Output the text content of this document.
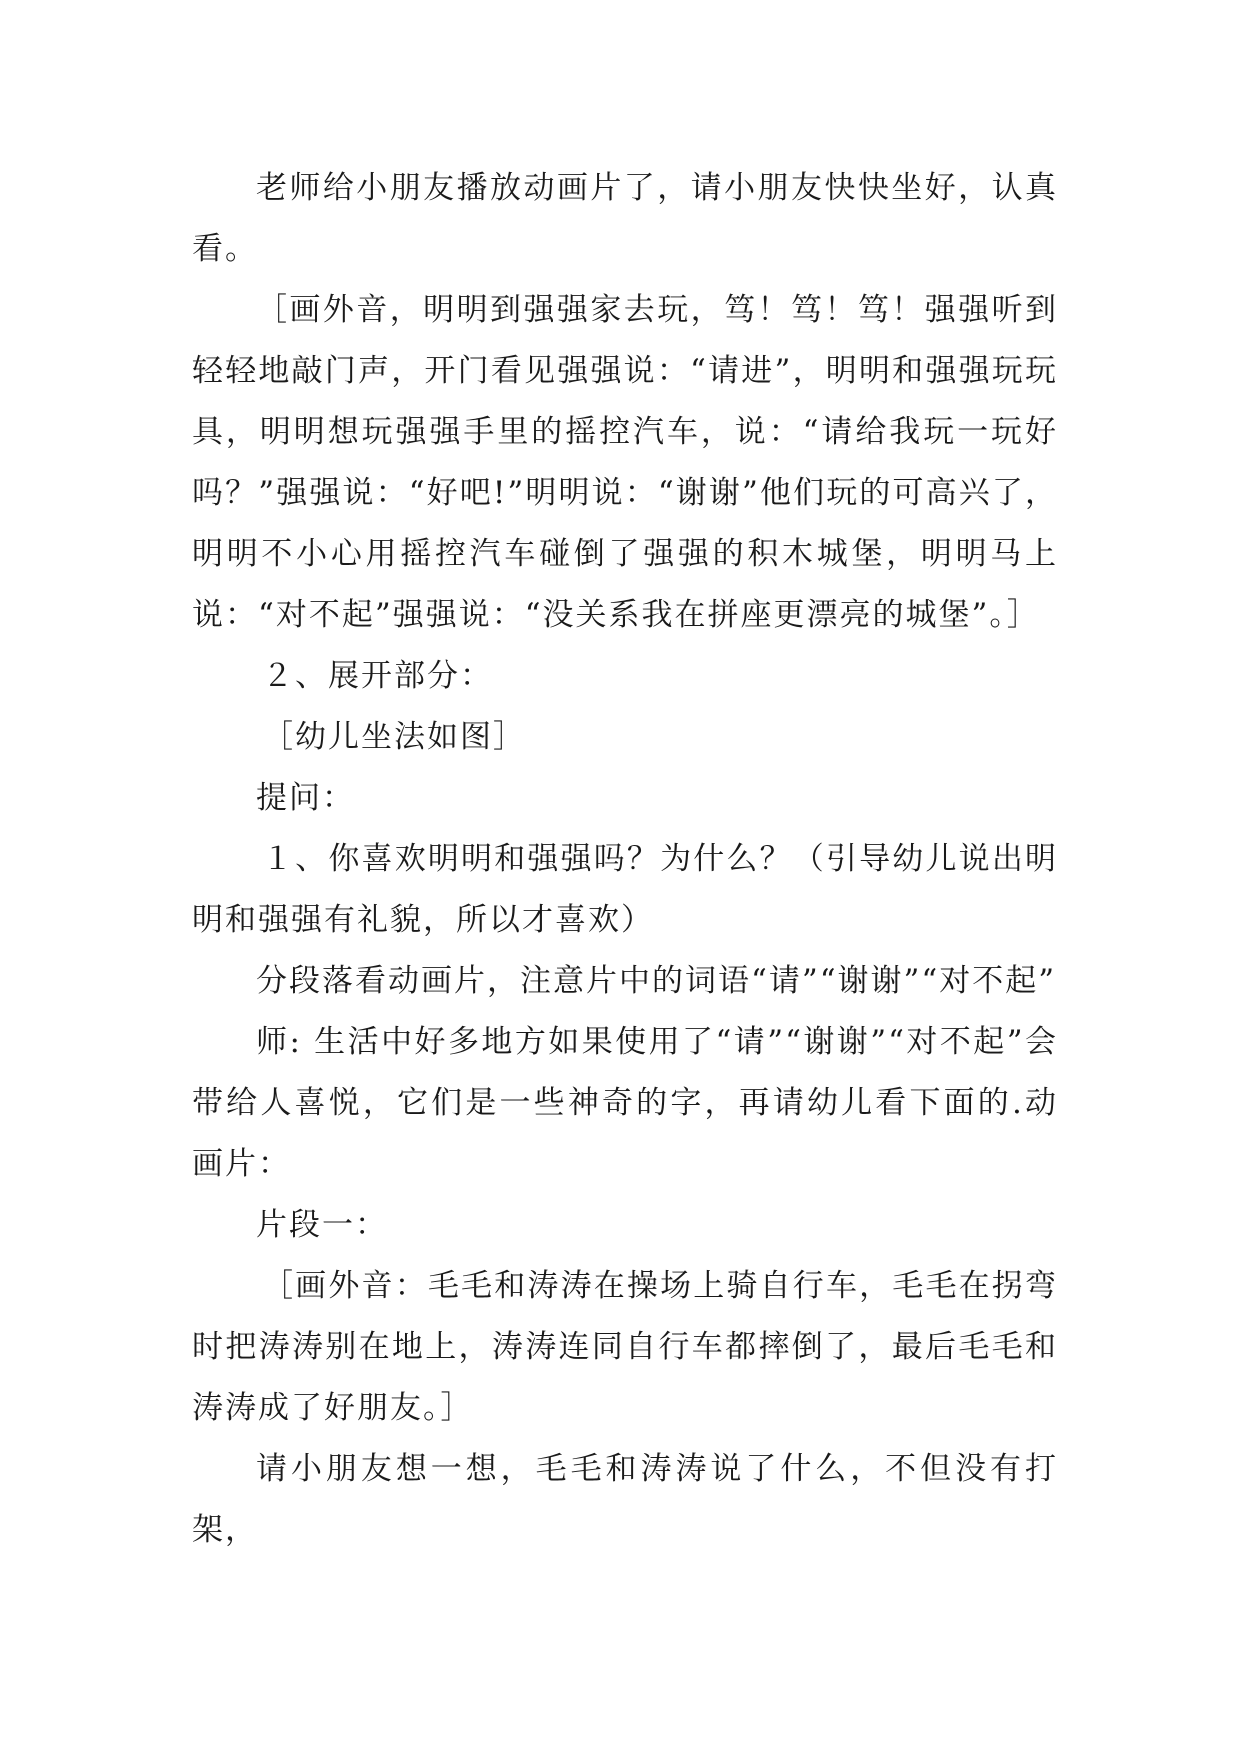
老师给小朋友播放动画片了，请小朋友快快坐好，认真看。

［画外音，明明到强强家去玩，笃！笃！笃！强强听到轻轻地敲门声，开门看见强强说：“请进”，明明和强强玩玩具，明明想玩强强手里的摇控汽车，说：“请给我玩一玩好吗？”强强说：“好吧!”明明说：“谢谢”他们玩的可高兴了，明明不小心用摇控汽车碰倒了强强的积木城堡，明明马上说：“对不起”强强说：“没关系我在拼座更漂亮的城堡”。］

２、展开部分：

［幼儿坐法如图］

提问：

１、你喜欢明明和强强吗？为什么？（引导幼儿说出明明和强强有礼貌，所以才喜欢）

分段落看动画片，注意片中的词语“请”“谢谢”“对不起”

师: 生活中好多地方如果使用了“请”“谢谢”“对不起”会带给人喜悦，它们是一些神奇的字，再请幼儿看下面的.动画片：

片段一：

［画外音：毛毛和涛涛在操场上骑自行车，毛毛在拐弯时把涛涛别在地上，涛涛连同自行车都摔倒了，最后毛毛和涛涛成了好朋友。］

请小朋友想一想，毛毛和涛涛说了什么，不但没有打架，
